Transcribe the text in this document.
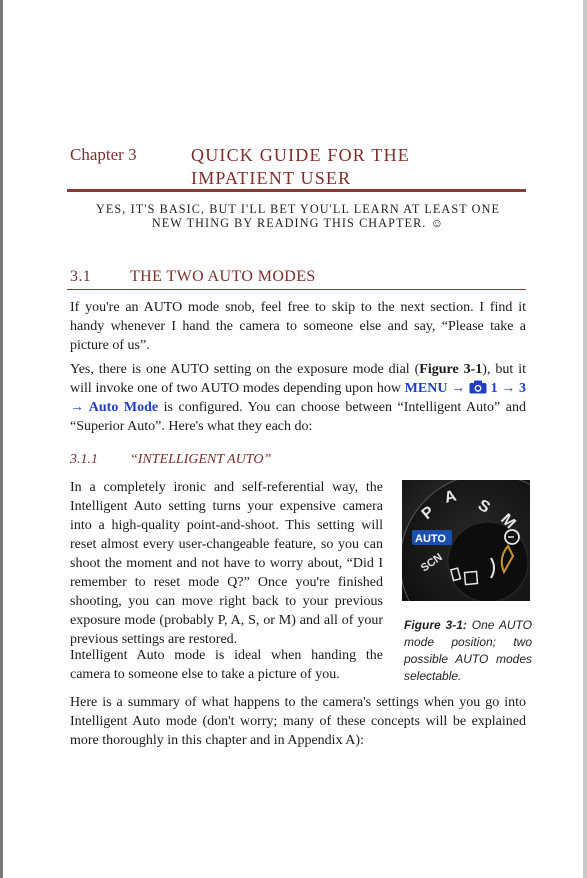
Chapter 3	QUICK GUIDE FOR THE
IMPATIENT USER
YES, IT'S BASIC, BUT I'LL BET YOU'LL LEARN AT LEAST ONE
NEW THING BY READING THIS CHAPTER. ☺
3.1 THE TWO AUTO MODES
If you're an AUTO mode snob, feel free to skip to the next section. I find it handy whenever I hand the camera to someone else and say, “Please take a picture of us”.
Yes, there is one AUTO setting on the exposure mode dial (Figure 3-1), but it will invoke one of two AUTO modes depending upon how MENU → 1 → 3 → Auto Mode is configured. You can choose between “Intelligent Auto” and “Superior Auto”. Here's what they each do:
3.1.1 “INTELLIGENT AUTO”
In a completely ironic and self-referential way, the Intelligent Auto setting turns your expensive camera into a high-quality point-and-shoot. This setting will reset almost every user-changeable feature, so you can shoot the moment and not have to worry about, “Did I remember to reset mode Q?” Once you're finished shooting, you can move right back to your previous exposure mode (probably P, A, S, or M) and all of your previous settings are restored.
Intelligent Auto mode is ideal when handing the camera to someone else to take a picture of you.
Here is a summary of what happens to the camera's settings when you go into Intelligent Auto mode (don't worry; many of these concepts will be explained more thoroughly in this chapter and in Appendix A):
S
M
A
P
AUTO
SCN
Figure 3-1: One AUTO mode position; two possible AUTO modes selectable.
